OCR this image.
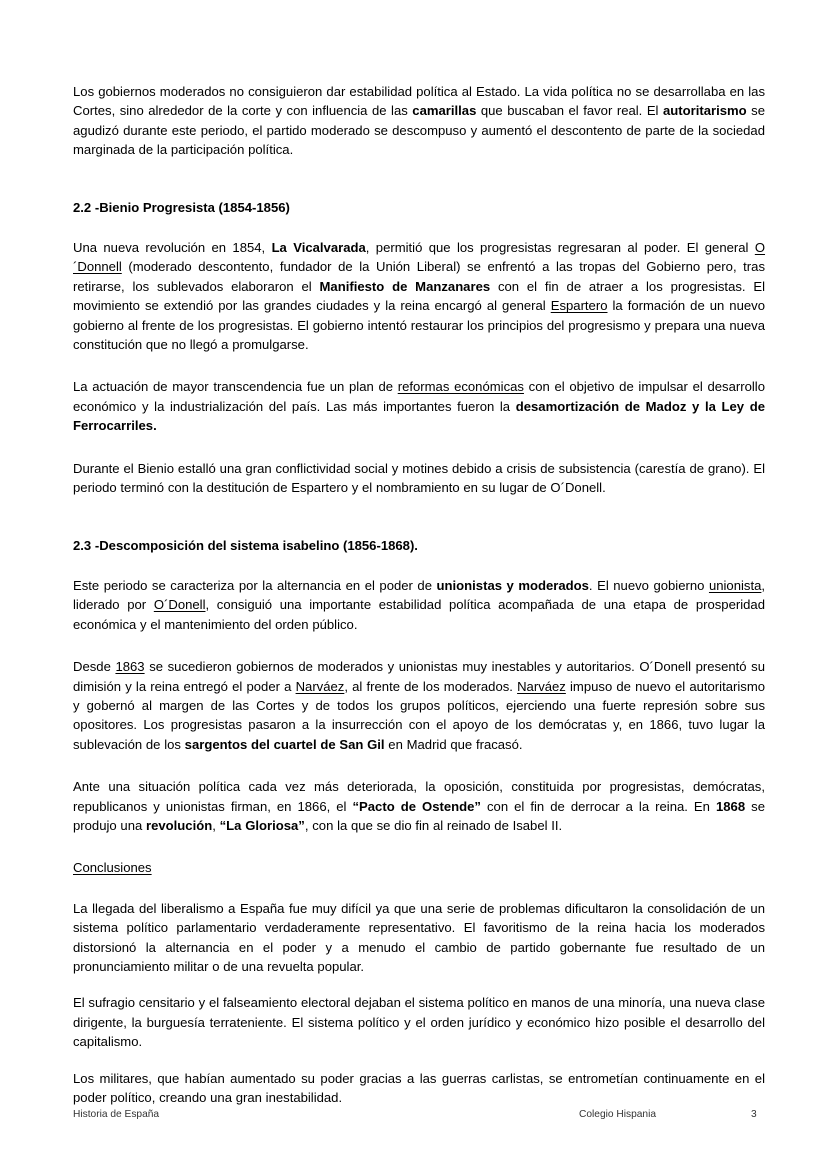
Los gobiernos moderados no consiguieron dar estabilidad política al Estado. La vida política no se desarrollaba en las Cortes, sino alrededor de la corte y con influencia de las camarillas que buscaban el favor real. El autoritarismo se agudizó durante este periodo, el partido moderado se descompuso y aumentó el descontento de parte de la sociedad marginada de la participación política.

2.2 -Bienio Progresista (1854-1856)

Una nueva revolución en 1854, La Vicalvarada, permitió que los progresistas regresaran al poder. El general O´Donnell (moderado descontento, fundador de la Unión Liberal) se enfrentó a las tropas del Gobierno pero, tras retirarse, los sublevados elaboraron el Manifiesto de Manzanares con el fin de atraer a los progresistas. El movimiento se extendió por las grandes ciudades y la reina encargó al general Espartero la formación de un nuevo gobierno al frente de los progresistas. El gobierno intentó restaurar los principios del progresismo y prepara una nueva constitución que no llegó a promulgarse.

La actuación de mayor transcendencia fue un plan de reformas económicas con el objetivo de impulsar el desarrollo económico y la industrialización del país. Las más importantes fueron la desamortización de Madoz y la Ley de Ferrocarriles.

Durante el Bienio estalló una gran conflictividad social y motines debido a crisis de subsistencia (carestía de grano). El periodo terminó con la destitución de Espartero y el nombramiento en su lugar de O´Donell.

2.3 -Descomposición del sistema isabelino (1856-1868).

Este periodo se caracteriza por la alternancia en el poder de unionistas y moderados. El nuevo gobierno unionista, liderado por O´Donell, consiguió una importante estabilidad política acompañada de una etapa de prosperidad económica y el mantenimiento del orden público.

Desde 1863 se sucedieron gobiernos de moderados y unionistas muy inestables y autoritarios. O´Donell presentó su dimisión y la reina entregó el poder a Narváez, al frente de los moderados. Narváez impuso de nuevo el autoritarismo y gobernó al margen de las Cortes y de todos los grupos políticos, ejerciendo una fuerte represión sobre sus opositores. Los progresistas pasaron a la insurrección con el apoyo de los demócratas y, en 1866, tuvo lugar la sublevación de los sargentos del cuartel de San Gil en Madrid que fracasó.

Ante una situación política cada vez más deteriorada, la oposición, constituida por progresistas, demócratas, republicanos y unionistas firman, en 1866, el “Pacto de Ostende” con el fin de derrocar a la reina. En 1868 se produjo una revolución, “La Gloriosa”, con la que se dio fin al reinado de Isabel II.

Conclusiones

La llegada del liberalismo a España fue muy difícil ya que una serie de problemas dificultaron la consolidación de un sistema político parlamentario verdaderamente representativo. El favoritismo de la reina hacia los moderados distorsionó la alternancia en el poder y a menudo el cambio de partido gobernante fue resultado de un pronunciamiento militar o de una revuelta popular.

El sufragio censitario y el falseamiento electoral dejaban el sistema político en manos de una minoría, una nueva clase dirigente, la burguesía terrateniente. El sistema político y el orden jurídico y económico hizo posible el desarrollo del capitalismo.

Los militares, que habían aumentado su poder gracias a las guerras carlistas, se entrometían continuamente en el poder político, creando una gran inestabilidad.

Historia de España	Colegio Hispania	3
